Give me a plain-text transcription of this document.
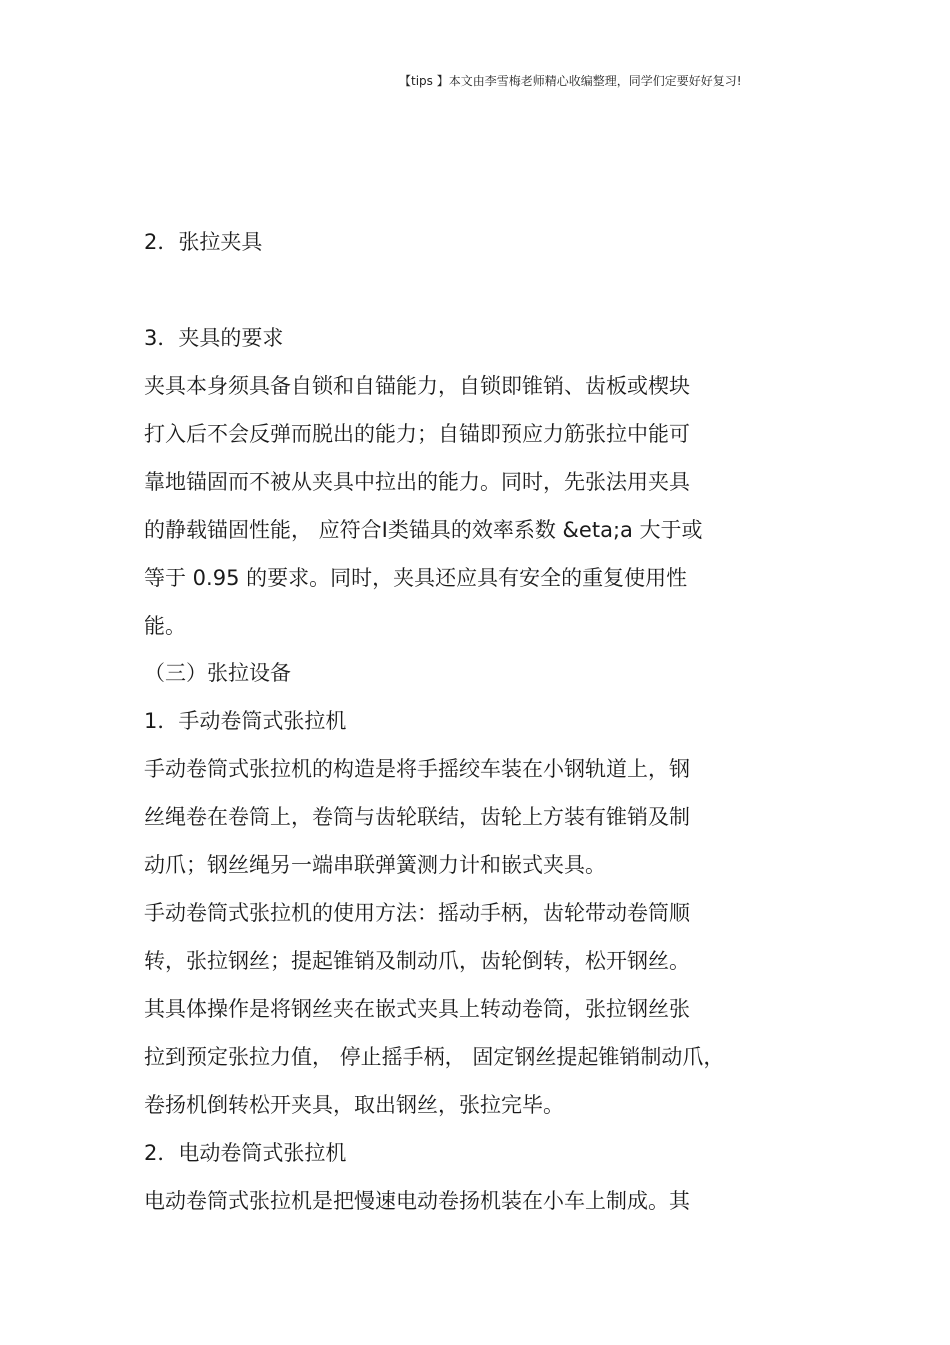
【tips 】本文由李雪梅老师精心收编整理，同学们定要好好复习!
2．张拉夹具
3．夹具的要求
夹具本身须具备自锁和自锚能力，自锁即锥销、齿板或楔块
打入后不会反弹而脱出的能力；自锚即预应力筋张拉中能可
靠地锚固而不被从夹具中拉出的能力。同时，先张法用夹具
的静载锚固性能， 应符合Ⅰ类锚具的效率系数 &eta;a 大于或
等于 0.95 的要求。同时，夹具还应具有安全的重复使用性
能。
（三）张拉设备
1．手动卷筒式张拉机
手动卷筒式张拉机的构造是将手摇绞车装在小钢轨道上，钢
丝绳卷在卷筒上，卷筒与齿轮联结，齿轮上方装有锥销及制
动爪；钢丝绳另一端串联弹簧测力计和嵌式夹具。
手动卷筒式张拉机的使用方法：摇动手柄，齿轮带动卷筒顺
转，张拉钢丝；提起锥销及制动爪，齿轮倒转，松开钢丝。
其具体操作是将钢丝夹在嵌式夹具上转动卷筒，张拉钢丝张
拉到预定张拉力值， 停止摇手柄， 固定钢丝提起锥销制动爪，
卷扬机倒转松开夹具，取出钢丝，张拉完毕。
2．电动卷筒式张拉机
电动卷筒式张拉机是把慢速电动卷扬机装在小车上制成。其
